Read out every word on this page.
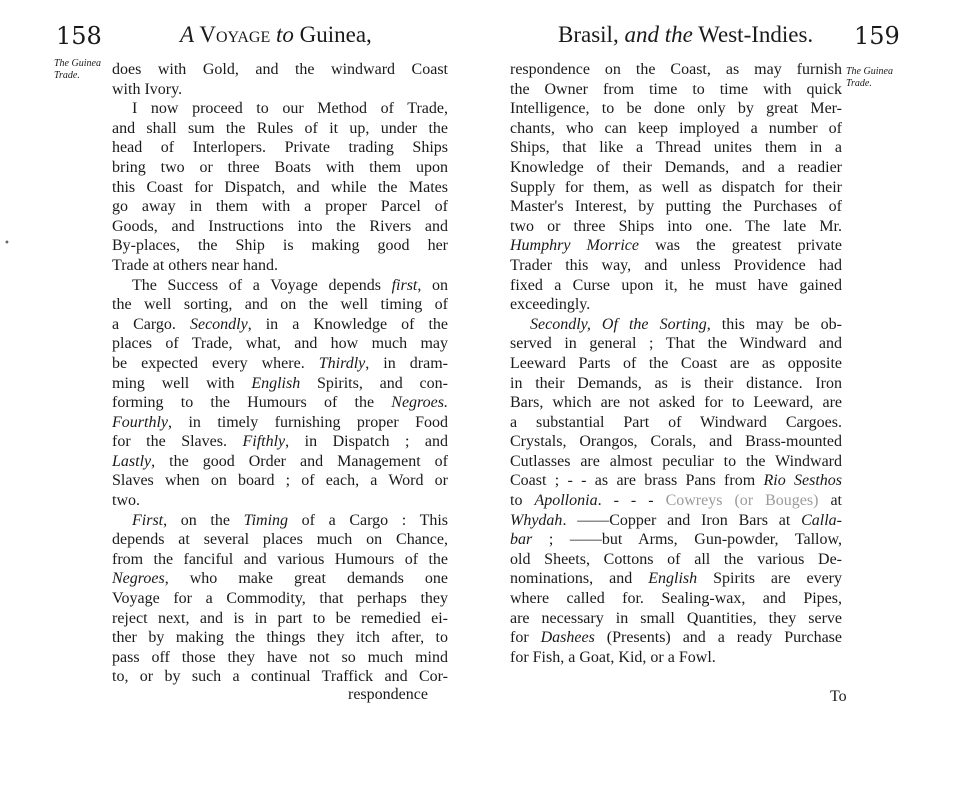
158	A Voyage to Guinea,
The Guinea
Trade.	does with Gold, and the windward Coast
with Ivory.
I now proceed to our Method of Trade,
and shall sum the Rules of it up, under the
head of Interlopers. Private trading Ships
bring two or three Boats with them upon
this Coast for Dispatch, and while the Mates
go away in them with a proper Parcel of
Goods, and Instructions into the Rivers and
By-places, the Ship is making good her
Trade at others near hand.
The Success of a Voyage depends first, on
the well sorting, and on the well timing of
a Cargo. Secondly, in a Knowledge of the
places of Trade, what, and how much may
be expected every where. Thirdly, in dram-
ming well with English Spirits, and con-
forming to the Humours of the Negroes.
Fourthly, in timely furnishing proper Food
for the Slaves. Fifthly, in Dispatch ; and
Lastly, the good Order and Management of
Slaves when on board ; of each, a Word or
two.
First, on the Timing of a Cargo : This
depends at several places much on Chance,
from the fanciful and various Humours of the
Negroes, who make great demands one
Voyage for a Commodity, that perhaps they
reject next, and is in part to be remedied ei-
ther by making the things they itch after, to
pass off those they have not so much mind
to, or by such a continual Traffick and Cor-
respondence
•
Brasil, and the West-Indies. 159
The Guinea
Trade.
respondence on the Coast, as may furnish
the Owner from time to time with quick
Intelligence, to be done only by great Mer-
chants, who can keep imployed a number of
Ships, that like a Thread unites them in a
Knowledge of their Demands, and a readier
Supply for them, as well as dispatch for their
Master's Interest, by putting the Purchases of
two or three Ships into one. The late Mr.
Humphry Morrice was the greatest private
Trader this way, and unless Providence had
fixed a Curse upon it, he must have gained
exceedingly.
Secondly, Of the Sorting, this may be ob-
served in general ; That the Windward and
Leeward Parts of the Coast are as opposite
in their Demands, as is their distance. Iron
Bars, which are not asked for to Leeward, are
a substantial Part of Windward Cargoes.
Crystals, Orangos, Corals, and Brass-mounted
Cutlasses are almost peculiar to the Windward
Coast ; - - as are brass Pans from Rio Sesthos
to Apollonia. - - - Cowreys (or Bouges) at
Whydah. ——Copper and Iron Bars at Calla-
bar ; ——but Arms, Gun-powder, Tallow,
old Sheets, Cottons of all the various De-
nominations, and English Spirits are every
where called for. Sealing-wax, and Pipes,
are necessary in small Quantities, they serve
for Dashees (Presents) and a ready Purchase
for Fish, a Goat, Kid, or a Fowl.
To
